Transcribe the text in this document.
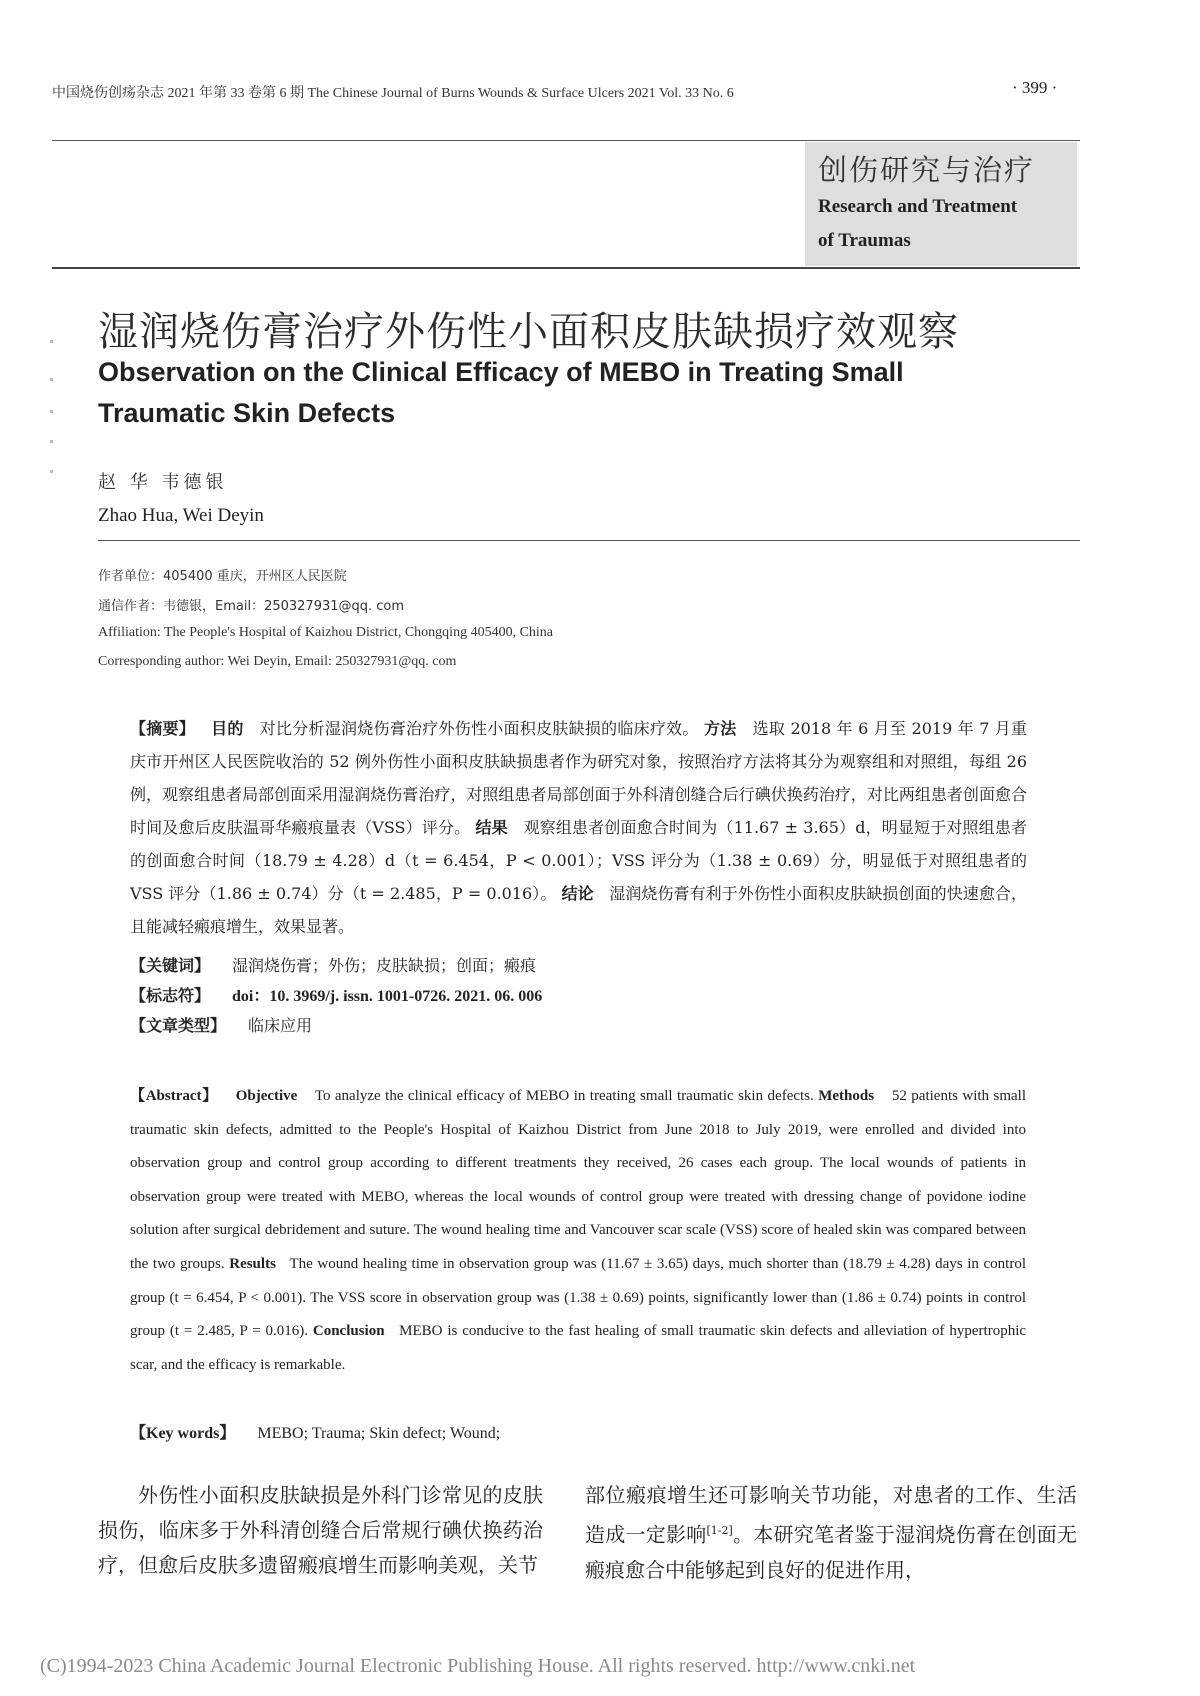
中国烧伤创疡杂志 2021 年第 33 卷第 6 期 The Chinese Journal of Burns Wounds & Surface Ulcers 2021 Vol. 33 No. 6	· 399 ·
创伤研究与治疗
Research and Treatment
of Traumas
湿润烧伤膏治疗外伤性小面积皮肤缺损疗效观察
Observation on the Clinical Efficacy of MEBO in Treating Small
Traumatic Skin Defects
赵 华 韦德银
Zhao Hua, Wei Deyin
作者单位：405400 重庆，开州区人民医院
通信作者：韦德银，Email：250327931@qq. com
Affiliation: The People's Hospital of Kaizhou District, Chongqing 405400, China
Corresponding author: Wei Deyin, Email: 250327931@qq. com
【摘要】 目的 对比分析湿润烧伤膏治疗外伤性小面积皮肤缺损的临床疗效。 方法 选取 2018 年 6 月至 2019 年 7 月重庆市开州区人民医院收治的 52 例外伤性小面积皮肤缺损患者作为研究对象，按照治疗方法将其分为观察组和对照组，每组 26 例，观察组患者局部创面采用湿润烧伤膏治疗，对照组患者局部创面于外科清创缝合后行碘伏换药治疗，对比两组患者创面愈合时间及愈后皮肤温哥华瘢痕量表（VSS）评分。 结果 观察组患者创面愈合时间为（11.67 ± 3.65）d，明显短于对照组患者的创面愈合时间（18.79 ± 4.28）d（t = 6.454，P < 0.001）；VSS 评分为（1.38 ± 0.69）分，明显低于对照组患者的 VSS 评分（1.86 ± 0.74）分（t = 2.485，P = 0.016）。 结论 湿润烧伤膏有利于外伤性小面积皮肤缺损创面的快速愈合，且能减轻瘢痕增生，效果显著。
【关键词】 湿润烧伤膏；外伤；皮肤缺损；创面；瘢痕
【标志符】 doi：10. 3969/j. issn. 1001-0726. 2021. 06. 006
【文章类型】 临床应用
【Abstract】 Objective To analyze the clinical efficacy of MEBO in treating small traumatic skin defects. Methods 52 patients with small traumatic skin defects, admitted to the People's Hospital of Kaizhou District from June 2018 to July 2019, were enrolled and divided into observation group and control group according to different treatments they received, 26 cases each group. The local wounds of patients in observation group were treated with MEBO, whereas the local wounds of control group were treated with dressing change of povidone iodine solution after surgical debridement and suture. The wound healing time and Vancouver scar scale (VSS) score of healed skin was compared between the two groups. Results The wound healing time in observation group was (11.67 ± 3.65) days, much shorter than (18.79 ± 4.28) days in control group (t = 6.454, P < 0.001). The VSS score in observation group was (1.38 ± 0.69) points, significantly lower than (1.86 ± 0.74) points in control group (t = 2.485, P = 0.016). Conclusion MEBO is conducive to the fast healing of small traumatic skin defects and alleviation of hypertrophic scar, and the efficacy is remarkable.
【Key words】 MEBO; Trauma; Skin defect; Wound;
外伤性小面积皮肤缺损是外科门诊常见的皮肤损伤，临床多于外科清创缝合后常规行碘伏换药治疗，但愈后皮肤多遗留瘢痕增生而影响美观，关节
部位瘢痕增生还可影响关节功能，对患者的工作、生活造成一定影响[1-2]。本研究笔者鉴于湿润烧伤膏在创面无瘢痕愈合中能够起到良好的促进作用，
(C)1994-2023 China Academic Journal Electronic Publishing House. All rights reserved. http://www.cnki.net
